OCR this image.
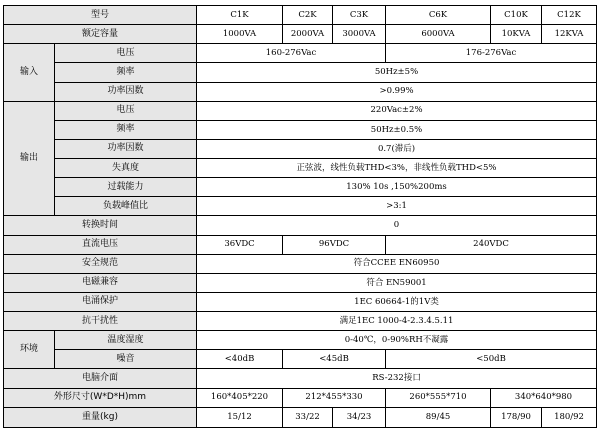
型号		C1K	C2K	C3K	C6K	C10K	C12K
额定容量		1000VA	2000VA	3000VA	6000VA	10KVA	12KVA
输入	电压	160-276Vac			176-276Vac		
	频率	50Hz±5%					
	功率因数	>0.99%					
输出	电压	220Vac±2%					
	频率	50Hz±0.5%					
	功率因数	0.7(滞后)					
	失真度	正弦波，线性负载THD<3%，非线性负载THD<5%					
	过载能力	130% 10s ,150%200ms					
	负载峰值比	>3:1					
转换时间		0					
直流电压		36VDC	96VDC		240VDC		
安全规范		符合CCEE EN60950					
电磁兼容		符合 EN59001					
电涌保护		1EC 60664-1的1V类					
抗干扰性		满足1EC 1000-4-2.3.4.5.11					
环境	温度湿度	0-40℃，0-90%RH不凝露					
	噪音	<40dB	<45dB		<50dB		
电脑介面		RS-232接口					
外形尺寸(W*D*H)mm		160*405*220	212*455*330		260*555*710	340*640*980	
重量(kg)		15/12	33/22	34/23	89/45	178/90	180/92
